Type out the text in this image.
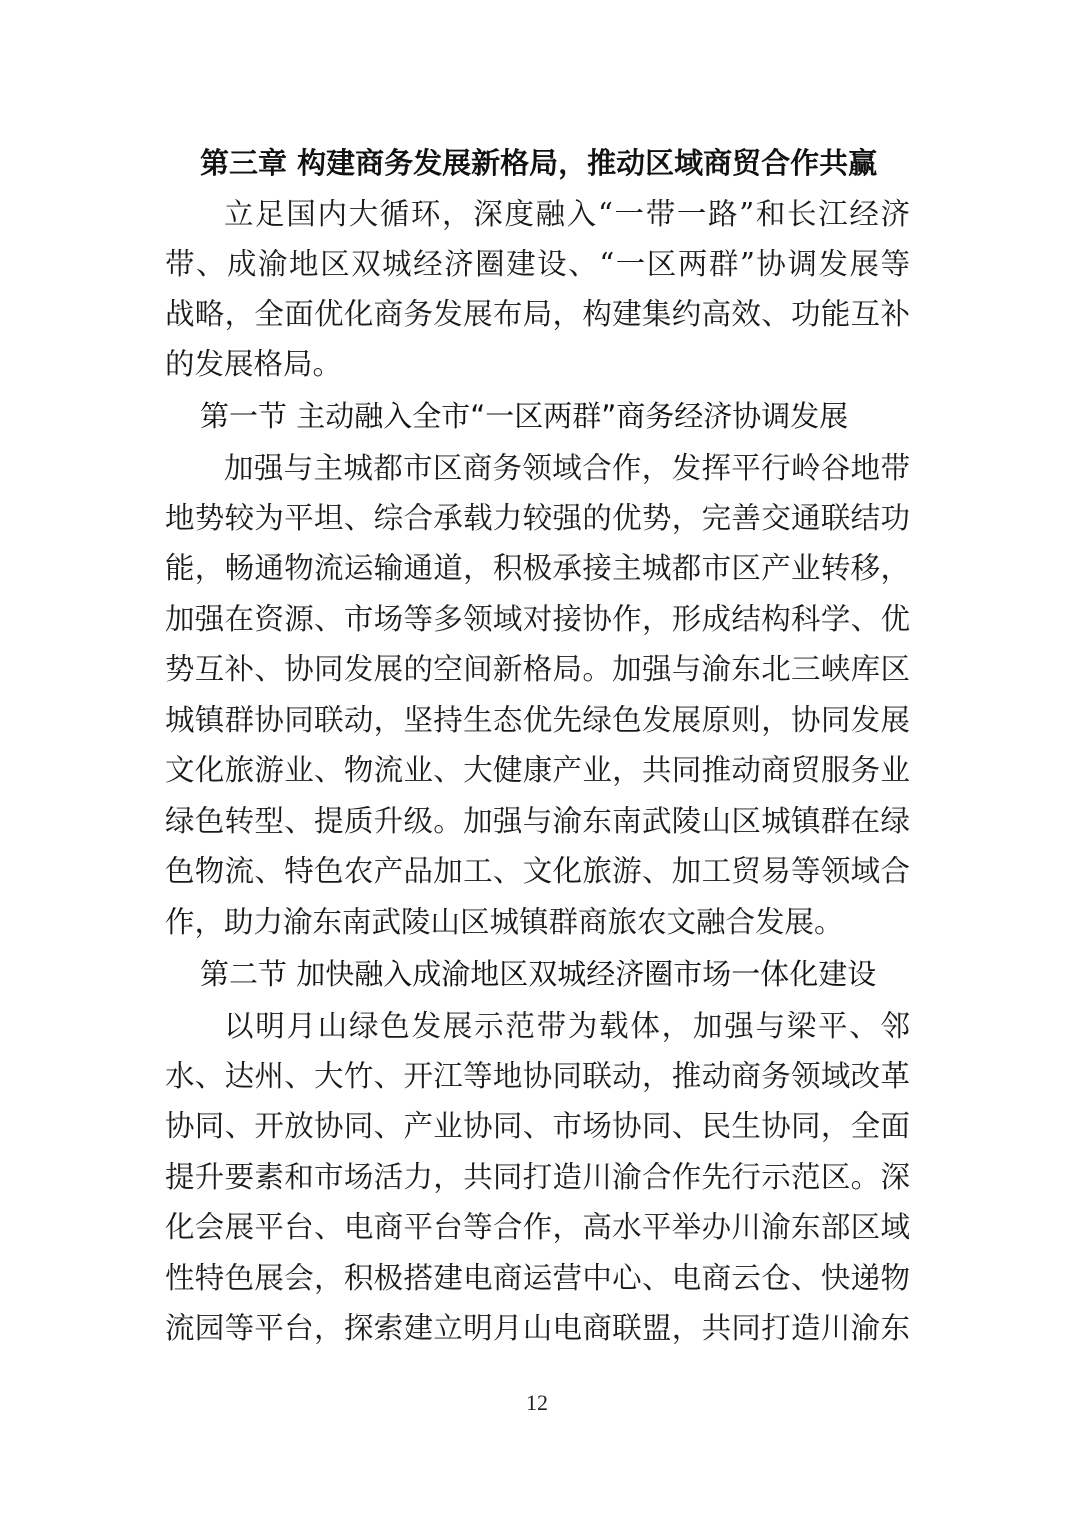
第三章 构建商务发展新格局，推动区域商贸合作共赢
立足国内大循环，深度融入“一带一路”和长江经济
带、成渝地区双城经济圈建设、“一区两群”协调发展等
战略，全面优化商务发展布局，构建集约高效、功能互补
的发展格局。
第一节 主动融入全市“一区两群”商务经济协调发展
加强与主城都市区商务领域合作，发挥平行岭谷地带
地势较为平坦、综合承载力较强的优势，完善交通联结功
能，畅通物流运输通道，积极承接主城都市区产业转移，
加强在资源、市场等多领域对接协作，形成结构科学、优
势互补、协同发展的空间新格局。加强与渝东北三峡库区
城镇群协同联动，坚持生态优先绿色发展原则，协同发展
文化旅游业、物流业、大健康产业，共同推动商贸服务业
绿色转型、提质升级。加强与渝东南武陵山区城镇群在绿
色物流、特色农产品加工、文化旅游、加工贸易等领域合
作，助力渝东南武陵山区城镇群商旅农文融合发展。
第二节 加快融入成渝地区双城经济圈市场一体化建设
以明月山绿色发展示范带为载体，加强与梁平、邻
水、达州、大竹、开江等地协同联动，推动商务领域改革
协同、开放协同、产业协同、市场协同、民生协同，全面
提升要素和市场活力，共同打造川渝合作先行示范区。深
化会展平台、电商平台等合作，高水平举办川渝东部区域
性特色展会，积极搭建电商运营中心、电商云仓、快递物
流园等平台，探索建立明月山电商联盟，共同打造川渝东
12
